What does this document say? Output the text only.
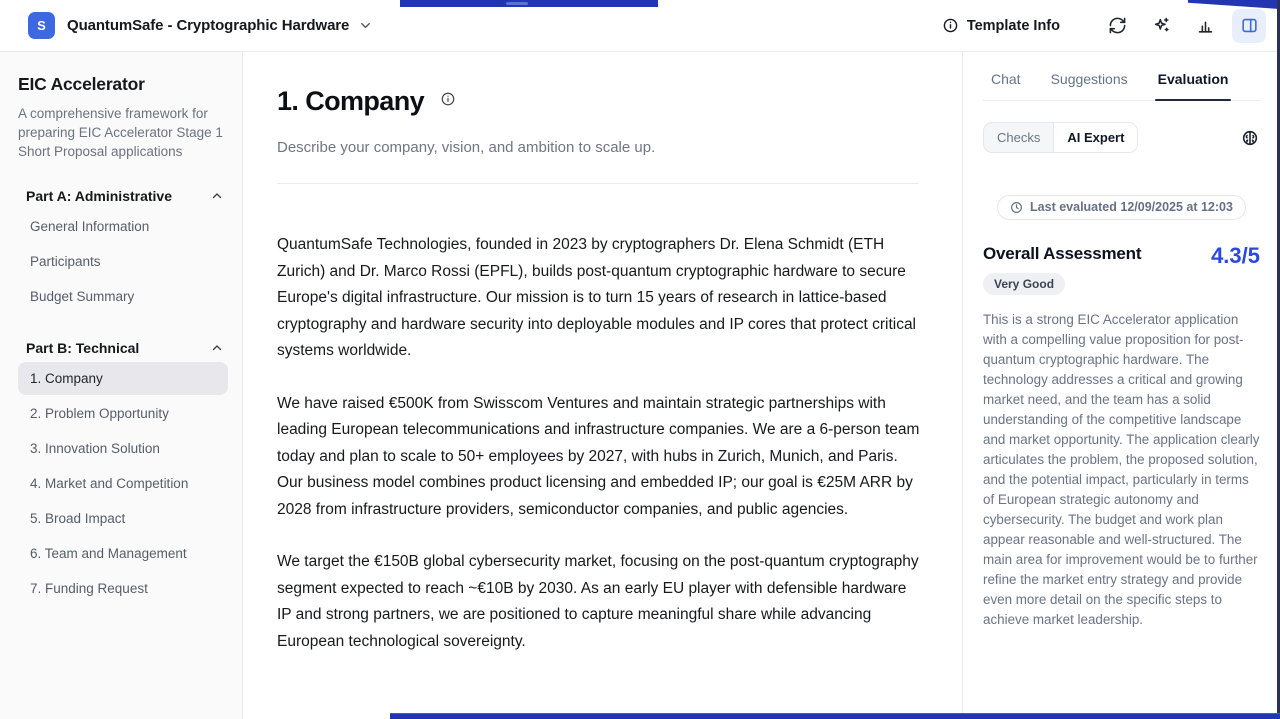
S QuantumSafe - Cryptographic Hardware	Template Info
EIC Accelerator
A comprehensive framework for preparing EIC Accelerator Stage 1 Short Proposal applications
Part A: Administrative
General Information
Participants
Budget Summary
Part B: Technical
1. Company
2. Problem Opportunity
3. Innovation Solution
4. Market and Competition
5. Broad Impact
6. Team and Management
7. Funding Request
1. Company
Describe your company, vision, and ambition to scale up.

QuantumSafe Technologies, founded in 2023 by cryptographers Dr. Elena Schmidt (ETH Zurich) and Dr. Marco Rossi (EPFL), builds post-quantum cryptographic hardware to secure Europe's digital infrastructure. Our mission is to turn 15 years of research in lattice-based cryptography and hardware security into deployable modules and IP cores that protect critical systems worldwide.

We have raised €500K from Swisscom Ventures and maintain strategic partnerships with leading European telecommunications and infrastructure companies. We are a 6-person team today and plan to scale to 50+ employees by 2027, with hubs in Zurich, Munich, and Paris. Our business model combines product licensing and embedded IP; our goal is €25M ARR by 2028 from infrastructure providers, semiconductor companies, and public agencies.

We target the €150B global cybersecurity market, focusing on the post-quantum cryptography segment expected to reach ~€10B by 2030. As an early EU player with defensible hardware IP and strong partners, we are positioned to capture meaningful share while advancing European technological sovereignty.

Chat Suggestions Evaluation
Checks	AI Expert
Last evaluated 12/09/2025 at 12:03
Overall Assessment
Very Good
4.3/5
This is a strong EIC Accelerator application with a compelling value proposition for post-quantum cryptographic hardware. The technology addresses a critical and growing market need, and the team has a solid understanding of the competitive landscape and market opportunity. The application clearly articulates the problem, the proposed solution, and the potential impact, particularly in terms of European strategic autonomy and cybersecurity. The budget and work plan appear reasonable and well-structured. The main area for improvement would be to further refine the market entry strategy and provide even more detail on the specific steps to achieve market leadership.
